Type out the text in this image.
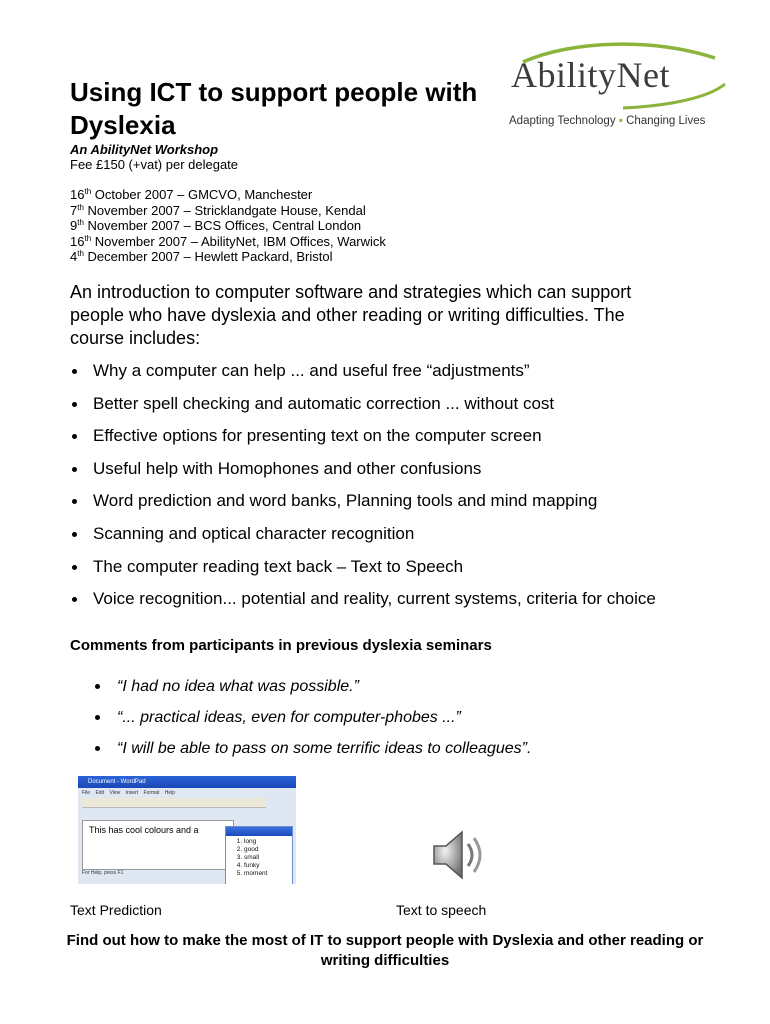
Using ICT to support people with Dyslexia
An AbilityNet Workshop
Fee £150 (+vat) per delegate
AbilityNet
Adapting Technology ▪ Changing Lives
16th October 2007 – GMCVO, Manchester
7th November 2007 – Stricklandgate House, Kendal
9th November 2007 – BCS Offices, Central London
16th November 2007 – AbilityNet, IBM Offices, Warwick
4th December 2007 – Hewlett Packard, Bristol

An introduction to computer software and strategies which can support people who have dyslexia and other reading or writing difficulties. The course includes:

Why a computer can help ... and useful free “adjustments”
Better spell checking and automatic correction ... without cost
Effective options for presenting text on the computer screen
Useful help with Homophones and other confusions
Word prediction and word banks, Planning tools and mind mapping
Scanning and optical character recognition
The computer reading text back – Text to Speech
Voice recognition... potential and reality, current systems, criteria for choice
Comments from participants in previous dyslexia seminars
“I had no idea what was possible.”
“... practical ideas, even for computer-phobes ...”
“I will be able to pass on some terrific ideas to colleagues”.
Document - WordPad
File Edit View Insert Format Help
This has cool colours and a
For Help, press F1
1. long
2. good
3. small
4. funky
5. moment
Text Prediction	Text to speech

Find out how to make the most of IT to support people with Dyslexia and other reading or writing difficulties
